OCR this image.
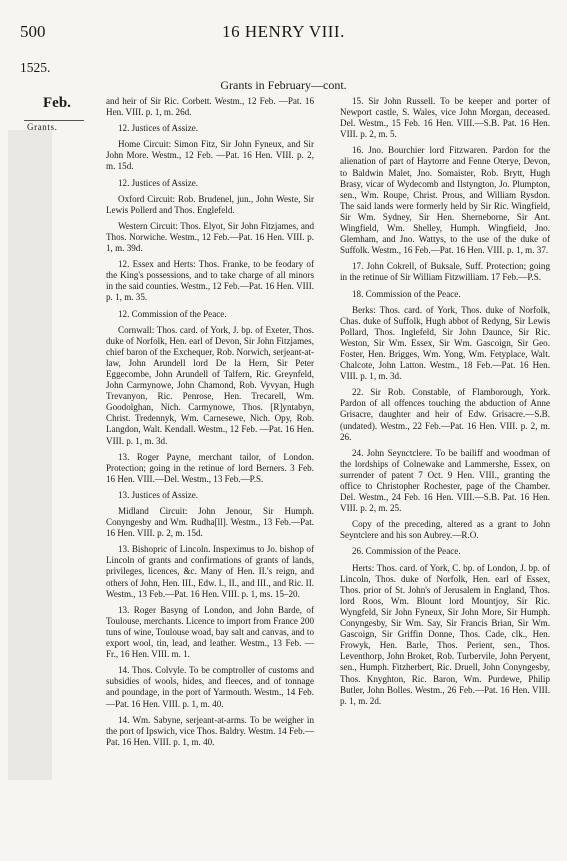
500	16 HENRY VIII.
1525.
Grants in February—cont.
Feb.
Grants.

and heir of Sir Ric. Corbett. Westm., 12 Feb. —Pat. 16 Hen. VIII. p. 1, m. 26d.

12. Justices of Assize.

Home Circuit: Simon Fitz, Sir John Fyneux, and Sir John More. Westm., 12 Feb. —Pat. 16 Hen. VIII. p. 2, m. 15d.

12. Justices of Assize.

Oxford Circuit: Rob. Brudenel, jun., John Weste, Sir Lewis Pollerd and Thos. Englefeld.

Western Circuit: Thos. Elyot, Sir John Fitzjames, and Thos. Norwiche. Westm., 12 Feb.—Pat. 16 Hen. VIII. p. 1, m. 39d.

12. Essex and Herts: Thos. Franke, to be feodary of the King's possessions, and to take charge of all minors in the said counties. Westm., 12 Feb.—Pat. 16 Hen. VIII. p. 1, m. 35.

12. Commission of the Peace.

Cornwall: Thos. card. of York, J. bp. of Exeter, Thos. duke of Norfolk, Hen. earl of Devon, Sir John Fitzjames, chief baron of the Exchequer, Rob. Norwich, serjeant-at-law, John Arundell lord De la Hern, Sir Peter Eggecombe, John Arundell of Talfern, Ric. Greynfeld, John Carmynowe, John Chamond, Rob. Vyvyan, Hugh Trevanyon, Ric. Penrose, Hen. Trecarell, Wm. Goodolghan, Nich. Carmynowe, Thos. [R]yntabyn, Christ. Tredennyk, Wm. Carnesewe, Nich. Opy, Rob. Langdon, Walt. Kendall. Westm., 12 Feb. —Pat. 16 Hen. VIII. p. 1, m. 3d.

13. Roger Payne, merchant tailor, of London. Protection; going in the retinue of lord Berners. 3 Feb. 16 Hen. VIII.—Del. Westm., 13 Feb.—P.S.

13. Justices of Assize.

Midland Circuit: John Jenour, Sir Humph. Conyngesby and Wm. Rudha[ll]. Westm., 13 Feb.—Pat. 16 Hen. VIII. p. 2, m. 15d.

13. Bishopric of Lincoln. Inspeximus to Jo. bishop of Lincoln of grants and confirmations of grants of lands, privileges, licences, &c. Many of Hen. II.'s reign, and others of John, Hen. III., Edw. I., II., and III., and Ric. II. Westm., 13 Feb.—Pat. 16 Hen. VIII. p. 1, ms. 15–20.

13. Roger Basyng of London, and John Barde, of Toulouse, merchants. Licence to import from France 200 tuns of wine, Toulouse woad, bay salt and canvas, and to export wool, tin, lead, and leather. Westm., 13 Feb. —Fr., 16 Hen. VIII. m. 1.

14. Thos. Colvyle. To be comptroller of customs and subsidies of wools, hides, and fleeces, and of tonnage and poundage, in the port of Yarmouth. Westm., 14 Feb.—Pat. 16 Hen. VIII. p. 1, m. 40.

14. Wm. Sabyne, serjeant-at-arms. To be weigher in the port of Ipswich, vice Thos. Baldry. Westm. 14 Feb.—Pat. 16 Hen. VIII. p. 1, m. 40.

15. Sir John Russell. To be keeper and porter of Newport castle, S. Wales, vice John Morgan, deceased. Del. Westm., 15 Feb. 16 Hen. VIII.—S.B. Pat. 16 Hen. VIII. p. 2, m. 5.

16. Jno. Bourchier lord Fitzwaren. Pardon for the alienation of part of Haytorre and Fenne Oterye, Devon, to Baldwin Malet, Jno. Somaister, Rob. Brytt, Hugh Brasy, vicar of Wydecomb and Ilstyngton, Jo. Plumpton, sen., Wm. Roupe, Christ. Prous, and William Rysdon. The said lands were formerly held by Sir Ric. Wingfield, Sir Wm. Sydney, Sir Hen. Sherneborne, Sir Ant. Wingfield, Wm. Shelley, Humph. Wingfield, Jno. Glemham, and Jno. Wattys, to the use of the duke of Suffolk. Westm., 16 Feb.—Pat. 16 Hen. VIII. p. 1, m. 37.

17. John Cokrell, of Buksale, Suff. Protection; going in the retinue of Sir William Fitzwilliam. 17 Feb.—P.S.

18. Commission of the Peace.

Berks: Thos. card. of York, Thos. duke of Norfolk, Chas. duke of Suffolk, Hugh abbot of Redyng, Sir Lewis Pollard, Thos. Inglefeld, Sir John Daunce, Sir Ric. Weston, Sir Wm. Essex, Sir Wm. Gascoign, Sir Geo. Foster, Hen. Brigges, Wm. Yong, Wm. Fetyplace, Walt. Chalcote, John Latton. Westm., 18 Feb.—Pat. 16 Hen. VIII. p. 1, m. 3d.

22. Sir Rob. Constable, of Flamborough, York. Pardon of all offences touching the abduction of Anne Grisacre, daughter and heir of Edw. Grisacre.—S.B. (undated). Westm., 22 Feb.—Pat. 16 Hen. VIII. p. 2, m. 26.

24. John Seynctclere. To be bailiff and woodman of the lordships of Colnewake and Lammershe, Essex, on surrender of patent 7 Oct. 9 Hen. VIII., granting the office to Christopher Rochester, page of the Chamber. Del. Westm., 24 Feb. 16 Hen. VIII.—S.B. Pat. 16 Hen. VIII. p. 2, m. 25.

Copy of the preceding, altered as a grant to John Seyntclere and his son Aubrey.—R.O.

26. Commission of the Peace.

Herts: Thos. card. of York, C. bp. of London, J. bp. of Lincoln, Thos. duke of Norfolk, Hen. earl of Essex, Thos. prior of St. John's of Jerusalem in England, Thos. lord Roos, Wm. Blount lord Mountjoy, Sir Ric. Wyngfeld, Sir John Fyneux, Sir John More, Sir Humph. Conyngesby, Sir Wm. Say, Sir Francis Brian, Sir Wm. Gascoign, Sir Griffin Donne, Thos. Cade, clk., Hen. Frowyk, Hen. Barle, Thos. Perient, sen., Thos. Leventhorp, John Broket, Rob. Turbervile, John Peryent, sen., Humph. Fitzherbert, Ric. Druell, John Conyngesby, Thos. Knyghton, Ric. Baron, Wm. Purdewe, Philip Butler, John Bolles. Westm., 26 Feb.—Pat. 16 Hen. VIII. p. 1, m. 2d.
